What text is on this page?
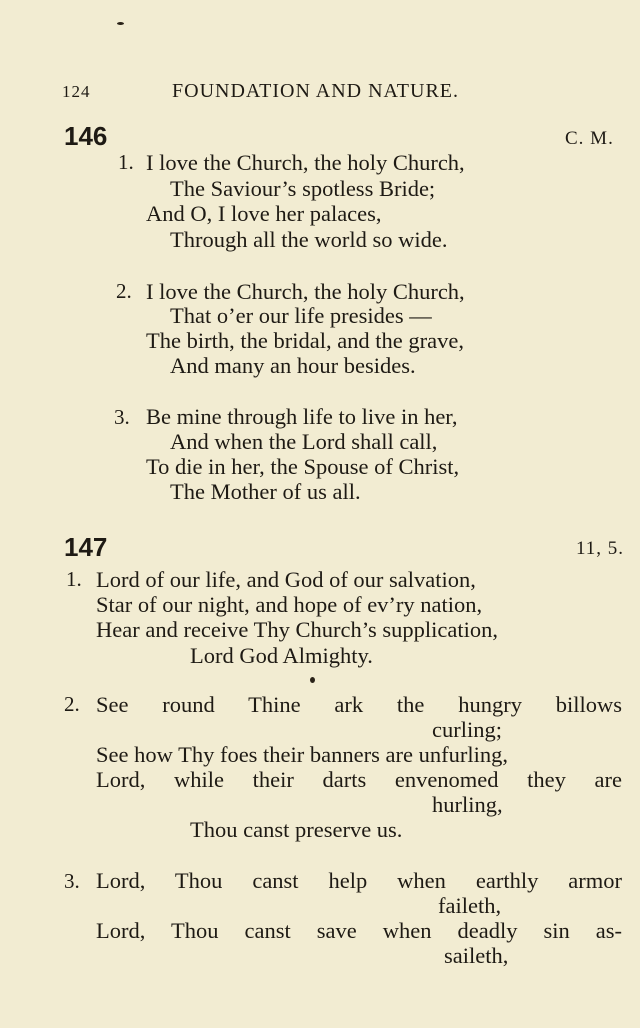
124	FOUNDATION AND NATURE.
146	C. M.
1. I love the Church, the holy Church,
The Saviour’s spotless Bride;
And O, I love her palaces,
Through all the world so wide.
2. I love the Church, the holy Church,
That o’er our life presides —
The birth, the bridal, and the grave,
And many an hour besides.
3. Be mine through life to live in her,
And when the Lord shall call,
To die in her, the Spouse of Christ,
The Mother of us all.
147	11, 5.
1. Lord of our life, and God of our salvation,
Star of our night, and hope of ev’ry nation,
Hear and receive Thy Church’s supplication,
Lord God Almighty.
2. See round Thine ark the hungry billows
curling;
See how Thy foes their banners are unfurling,
Lord, while their darts envenomed they are
hurling,
Thou canst preserve us.
3. Lord, Thou canst help when earthly armor
faileth,
Lord, Thou canst save when deadly sin as-
saileth,
